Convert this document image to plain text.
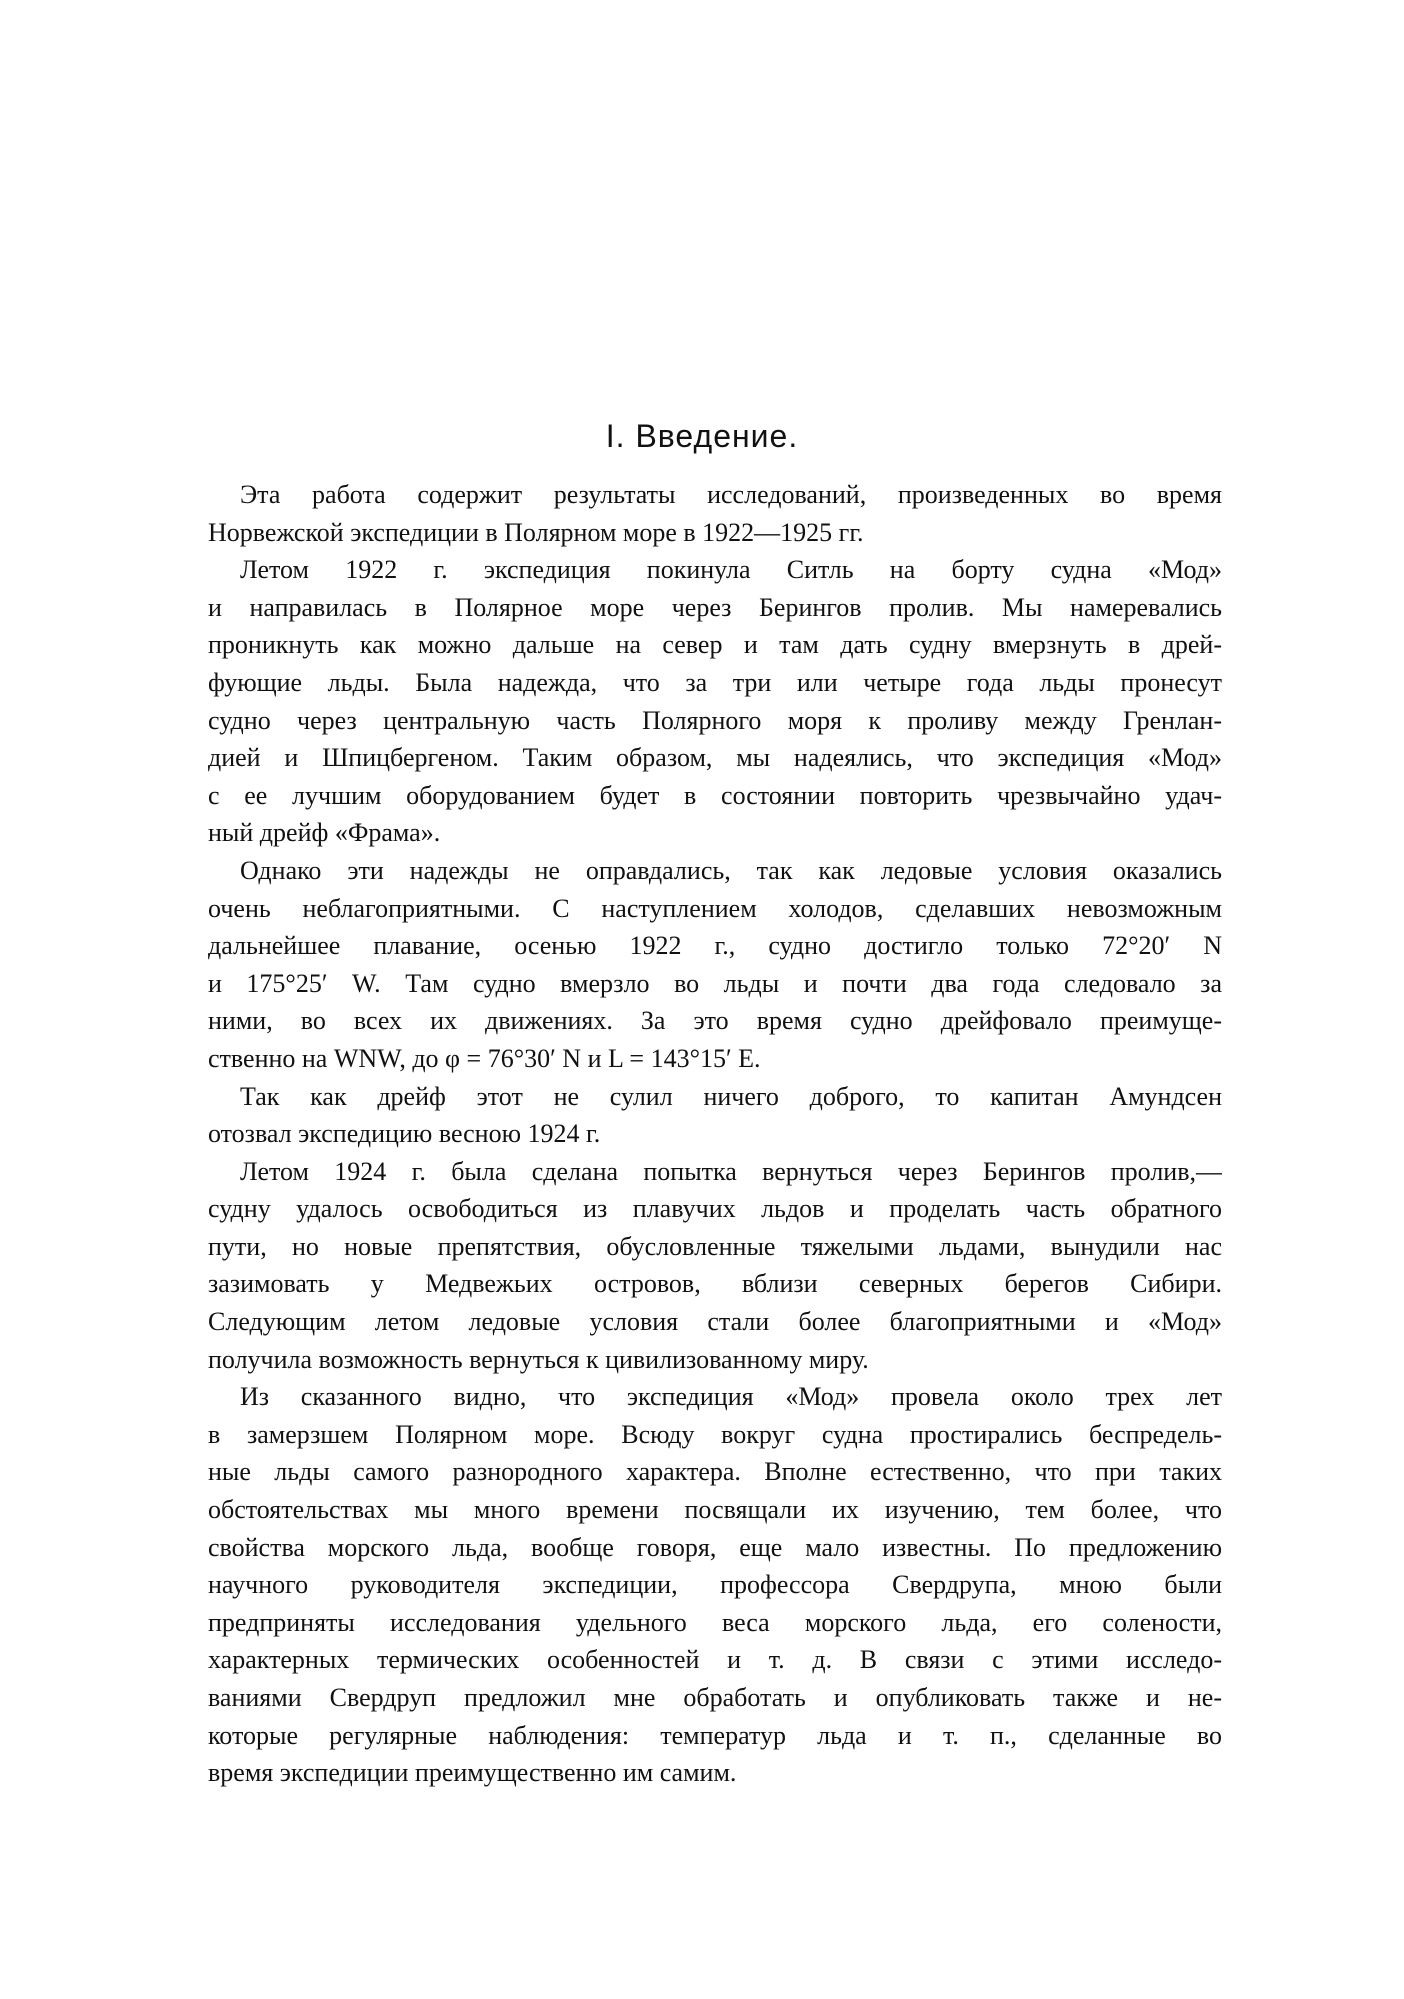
I. Введение.
Эта работа содержит результаты исследований, произведенных во время
Норвежской экспедиции в Полярном море в 1922—1925 гг.
Летом 1922 г. экспедиция покинула Ситль на борту судна «Мод»
и направилась в Полярное море через Берингов пролив. Мы намеревались
проникнуть как можно дальше на север и там дать судну вмерзнуть в дрей-
фующие льды. Была надежда, что за три или четыре года льды пронесут
судно через центральную часть Полярного моря к проливу между Гренлан-
дией и Шпицбергеном. Таким образом, мы надеялись, что экспедиция «Мод»
с ее лучшим оборудованием будет в состоянии повторить чрезвычайно удач-
ный дрейф «Фрама».
Однако эти надежды не оправдались, так как ледовые условия оказались
очень неблагоприятными. С наступлением холодов, сделавших невозможным
дальнейшее плавание, осенью 1922 г., судно достигло только 72°20′ N
и 175°25′ W. Там судно вмерзло во льды и почти два года следовало за
ними, во всех их движениях. За это время судно дрейфовало преимуще-
ственно на WNW, до φ = 76°30′ N и L = 143°15′ E.
Так как дрейф этот не сулил ничего доброго, то капитан Амундсен
отозвал экспедицию весною 1924 г.
Летом 1924 г. была сделана попытка вернуться через Берингов пролив,—
судну удалось освободиться из плавучих льдов и проделать часть обратного
пути, но новые препятствия, обусловленные тяжелыми льдами, вынудили нас
зазимовать у Медвежьих островов, вблизи северных берегов Сибири.
Следующим летом ледовые условия стали более благоприятными и «Мод»
получила возможность вернуться к цивилизованному миру.
Из сказанного видно, что экспедиция «Мод» провела около трех лет
в замерзшем Полярном море. Всюду вокруг судна простирались беспредель-
ные льды самого разнородного характера. Вполне естественно, что при таких
обстоятельствах мы много времени посвящали их изучению, тем более, что
свойства морского льда, вообще говоря, еще мало известны. По предложению
научного руководителя экспедиции, профессора Свердрупа, мною были
предприняты исследования удельного веса морского льда, его солености,
характерных термических особенностей и т. д. В связи с этими исследо-
ваниями Свердруп предложил мне обработать и опубликовать также и не-
которые регулярные наблюдения: температур льда и т. п., сделанные во
время экспедиции преимущественно им самим.
